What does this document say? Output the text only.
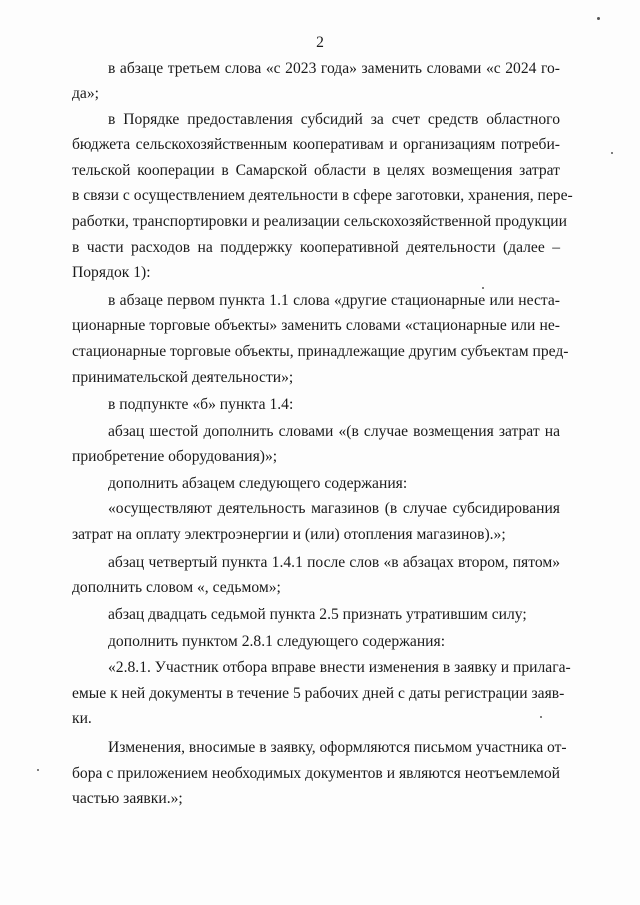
2
в абзаце третьем слова «с 2023 года» заменить словами «с 2024 го-
да»;
в Порядке предоставления субсидий за счет средств областного
бюджета сельскохозяйственным кооперативам и организациям потреби-
тельской кооперации в Самарской области в целях возмещения затрат
в связи с осуществлением деятельности в сфере заготовки, хранения, пере-
работки, транспортировки и реализации сельскохозяйственной продукции
в части расходов на поддержку кооперативной деятельности (далее –
Порядок 1):
в абзаце первом пункта 1.1 слова «другие стационарные или неста-
ционарные торговые объекты» заменить словами «стационарные или не-
стационарные торговые объекты, принадлежащие другим субъектам пред-
принимательской деятельности»;
в подпункте «б» пункта 1.4:
абзац шестой дополнить словами «(в случае возмещения затрат на
приобретение оборудования)»;
дополнить абзацем следующего содержания:
«осуществляют деятельность магазинов (в случае субсидирования
затрат на оплату электроэнергии и (или) отопления магазинов).»;
абзац четвертый пункта 1.4.1 после слов «в абзацах втором, пятом»
дополнить словом «, седьмом»;
абзац двадцать седьмой пункта 2.5 признать утратившим силу;
дополнить пунктом 2.8.1 следующего содержания:
«2.8.1. Участник отбора вправе внести изменения в заявку и прилага-
емые к ней документы в течение 5 рабочих дней с даты регистрации заяв-
ки.
Изменения, вносимые в заявку, оформляются письмом участника от-
бора с приложением необходимых документов и являются неотъемлемой
частью заявки.»;
